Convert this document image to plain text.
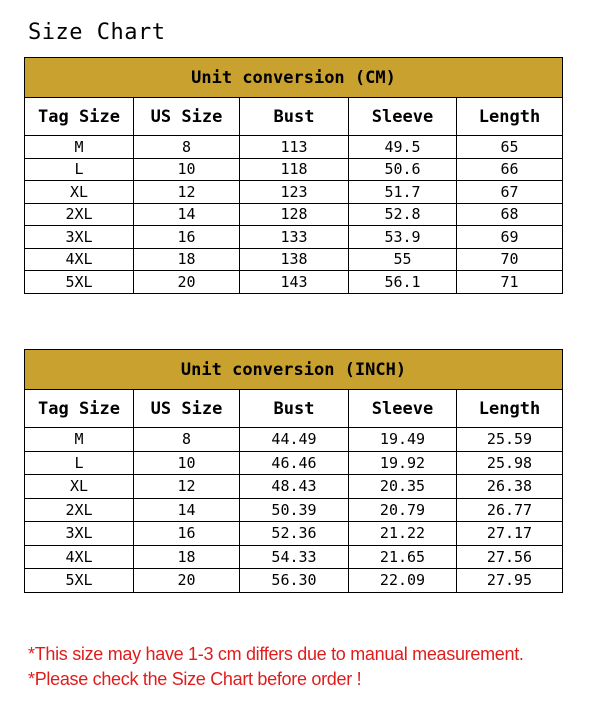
Size Chart
Unit conversion (CM)				
Tag Size	US Size	Bust	Sleeve	Length
M	8	113	49.5	65
L	10	118	50.6	66
XL	12	123	51.7	67
2XL	14	128	52.8	68
3XL	16	133	53.9	69
4XL	18	138	55	70
5XL	20	143	56.1	71
Unit conversion (INCH)				
Tag Size	US Size	Bust	Sleeve	Length
M	8	44.49	19.49	25.59
L	10	46.46	19.92	25.98
XL	12	48.43	20.35	26.38
2XL	14	50.39	20.79	26.77
3XL	16	52.36	21.22	27.17
4XL	18	54.33	21.65	27.56
5XL	20	56.30	22.09	27.95
*This size may have 1-3 cm differs due to manual measurement.
*Please check the Size Chart before order !
